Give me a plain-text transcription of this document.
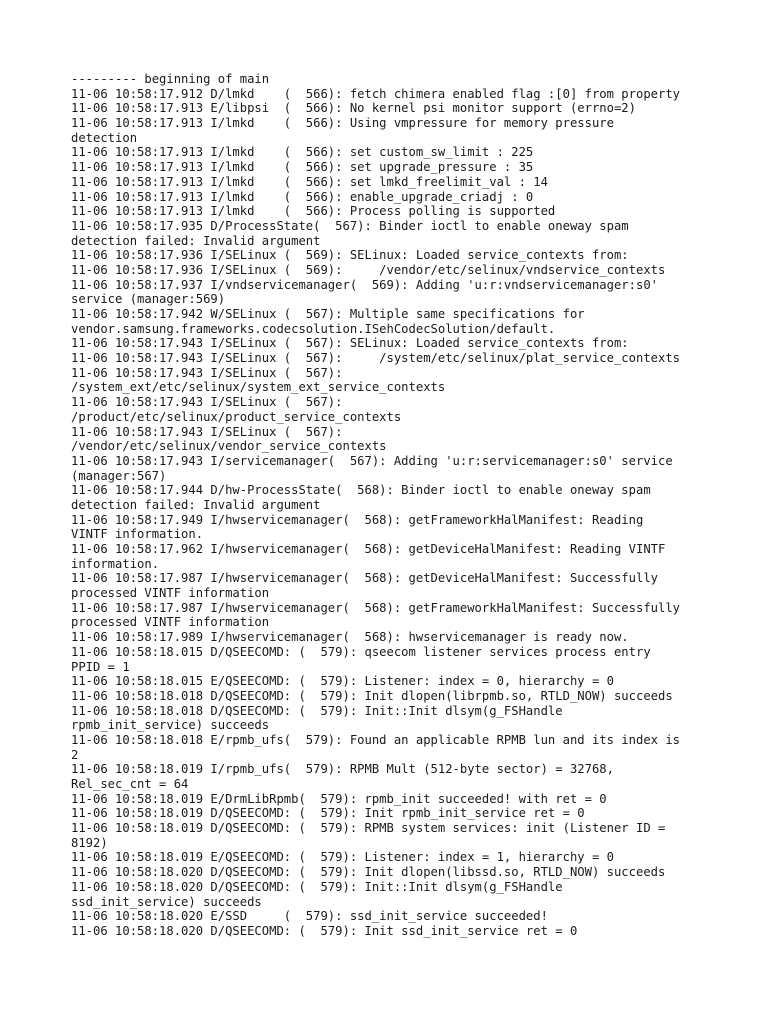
--------- beginning of main
11-06 10:58:17.912 D/lmkd    (  566): fetch chimera enabled flag :[0] from property
11-06 10:58:17.913 E/libpsi  (  566): No kernel psi monitor support (errno=2)
11-06 10:58:17.913 I/lmkd    (  566): Using vmpressure for memory pressure
detection
11-06 10:58:17.913 I/lmkd    (  566): set custom_sw_limit : 225
11-06 10:58:17.913 I/lmkd    (  566): set upgrade_pressure : 35
11-06 10:58:17.913 I/lmkd    (  566): set lmkd_freelimit_val : 14
11-06 10:58:17.913 I/lmkd    (  566): enable_upgrade_criadj : 0
11-06 10:58:17.913 I/lmkd    (  566): Process polling is supported
11-06 10:58:17.935 D/ProcessState(  567): Binder ioctl to enable oneway spam
detection failed: Invalid argument
11-06 10:58:17.936 I/SELinux (  569): SELinux: Loaded service_contexts from:
11-06 10:58:17.936 I/SELinux (  569):     /vendor/etc/selinux/vndservice_contexts
11-06 10:58:17.937 I/vndservicemanager(  569): Adding 'u:r:vndservicemanager:s0'
service (manager:569)
11-06 10:58:17.942 W/SELinux (  567): Multiple same specifications for
vendor.samsung.frameworks.codecsolution.ISehCodecSolution/default.
11-06 10:58:17.943 I/SELinux (  567): SELinux: Loaded service_contexts from:
11-06 10:58:17.943 I/SELinux (  567):     /system/etc/selinux/plat_service_contexts
11-06 10:58:17.943 I/SELinux (  567):
/system_ext/etc/selinux/system_ext_service_contexts
11-06 10:58:17.943 I/SELinux (  567):
/product/etc/selinux/product_service_contexts
11-06 10:58:17.943 I/SELinux (  567):
/vendor/etc/selinux/vendor_service_contexts
11-06 10:58:17.943 I/servicemanager(  567): Adding 'u:r:servicemanager:s0' service
(manager:567)
11-06 10:58:17.944 D/hw-ProcessState(  568): Binder ioctl to enable oneway spam
detection failed: Invalid argument
11-06 10:58:17.949 I/hwservicemanager(  568): getFrameworkHalManifest: Reading
VINTF information.
11-06 10:58:17.962 I/hwservicemanager(  568): getDeviceHalManifest: Reading VINTF
information.
11-06 10:58:17.987 I/hwservicemanager(  568): getDeviceHalManifest: Successfully
processed VINTF information
11-06 10:58:17.987 I/hwservicemanager(  568): getFrameworkHalManifest: Successfully
processed VINTF information
11-06 10:58:17.989 I/hwservicemanager(  568): hwservicemanager is ready now.
11-06 10:58:18.015 D/QSEECOMD: (  579): qseecom listener services process entry
PPID = 1
11-06 10:58:18.015 E/QSEECOMD: (  579): Listener: index = 0, hierarchy = 0
11-06 10:58:18.018 D/QSEECOMD: (  579): Init dlopen(librpmb.so, RTLD_NOW) succeeds
11-06 10:58:18.018 D/QSEECOMD: (  579): Init::Init dlsym(g_FSHandle
rpmb_init_service) succeeds
11-06 10:58:18.018 E/rpmb_ufs(  579): Found an applicable RPMB lun and its index is
2
11-06 10:58:18.019 I/rpmb_ufs(  579): RPMB Mult (512-byte sector) = 32768,
Rel_sec_cnt = 64
11-06 10:58:18.019 E/DrmLibRpmb(  579): rpmb_init succeeded! with ret = 0
11-06 10:58:18.019 D/QSEECOMD: (  579): Init rpmb_init_service ret = 0
11-06 10:58:18.019 D/QSEECOMD: (  579): RPMB system services: init (Listener ID =
8192)
11-06 10:58:18.019 E/QSEECOMD: (  579): Listener: index = 1, hierarchy = 0
11-06 10:58:18.020 D/QSEECOMD: (  579): Init dlopen(libssd.so, RTLD_NOW) succeeds
11-06 10:58:18.020 D/QSEECOMD: (  579): Init::Init dlsym(g_FSHandle
ssd_init_service) succeeds
11-06 10:58:18.020 E/SSD     (  579): ssd_init_service succeeded!
11-06 10:58:18.020 D/QSEECOMD: (  579): Init ssd_init_service ret = 0
